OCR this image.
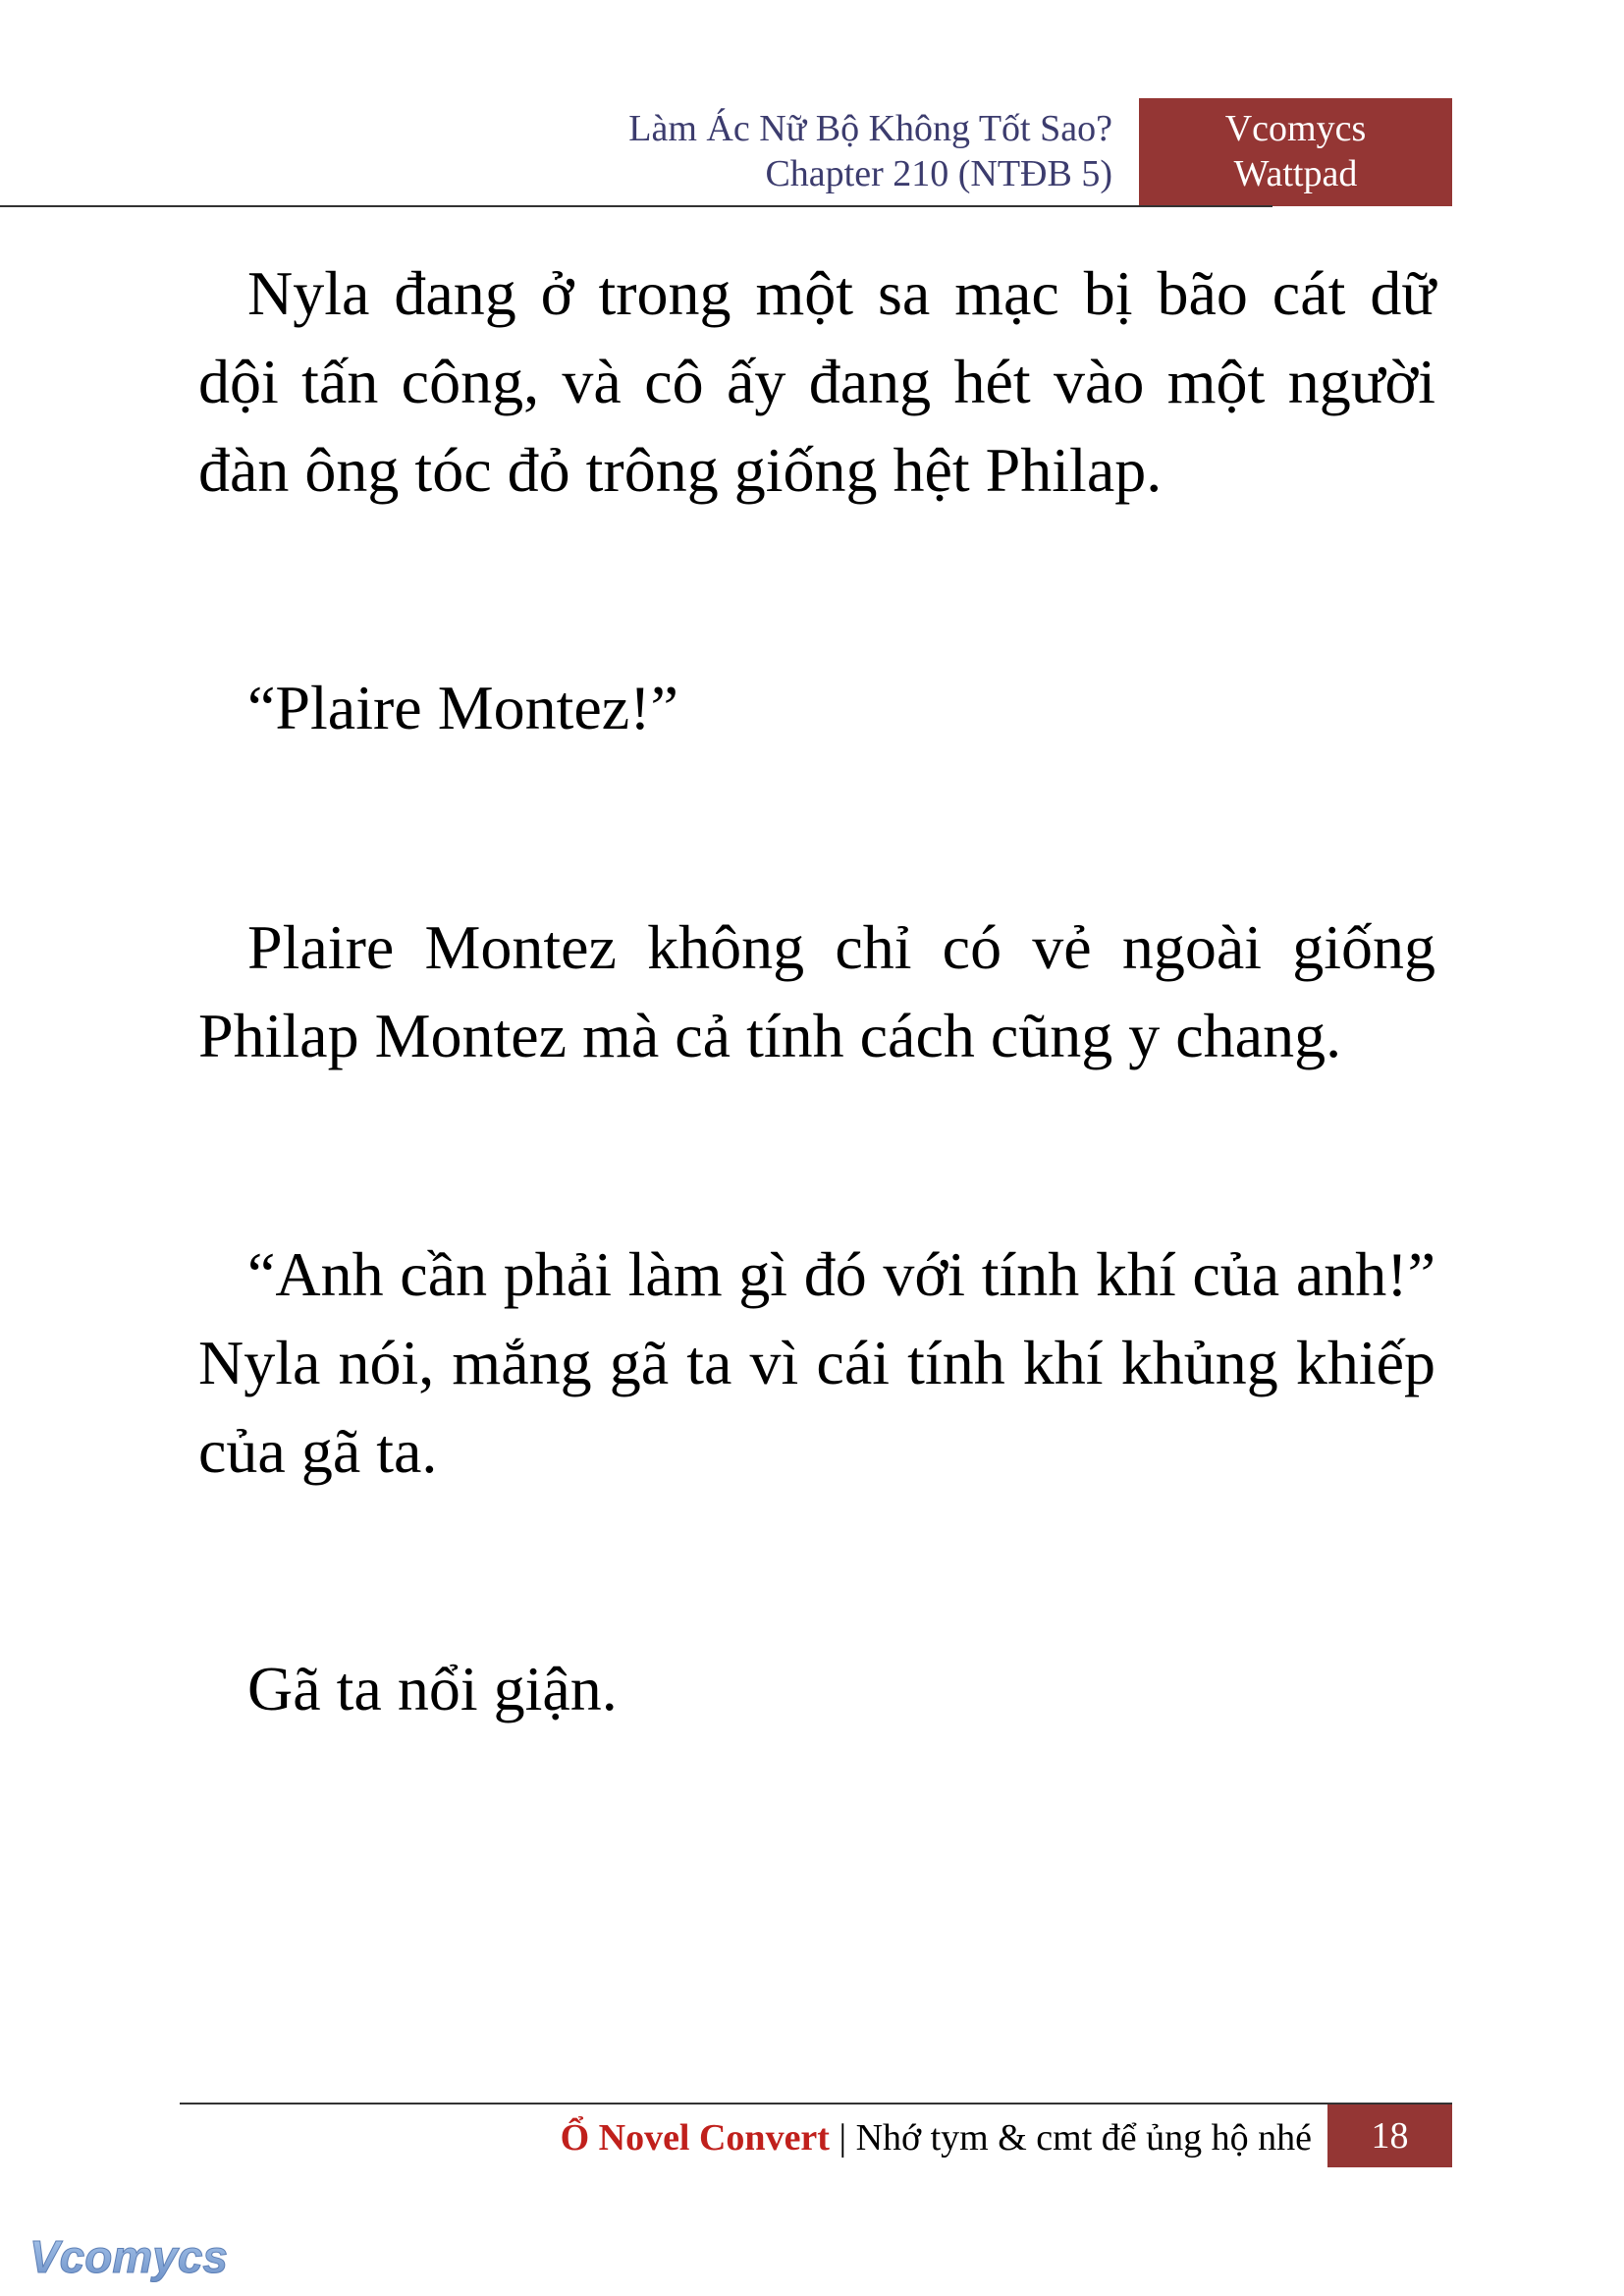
Làm Ác Nữ Bộ Không Tốt Sao?
Chapter 210 (NTĐB 5)
Vcomycs
Wattpad
Nyla đang ở trong một sa mạc bị bão cát dữ dội tấn công, và cô ấy đang hét vào một người đàn ông tóc đỏ trông giống hệt Philap.
“Plaire Montez!”
Plaire Montez không chỉ có vẻ ngoài giống Philap Montez mà cả tính cách cũng y chang.
“Anh cần phải làm gì đó với tính khí của anh!” Nyla nói, mắng gã ta vì cái tính khí khủng khiếp của gã ta.
Gã ta nổi giận.
Ổ Novel Convert | Nhớ tym & cmt để ủng hộ nhé	18
Vcomycs
